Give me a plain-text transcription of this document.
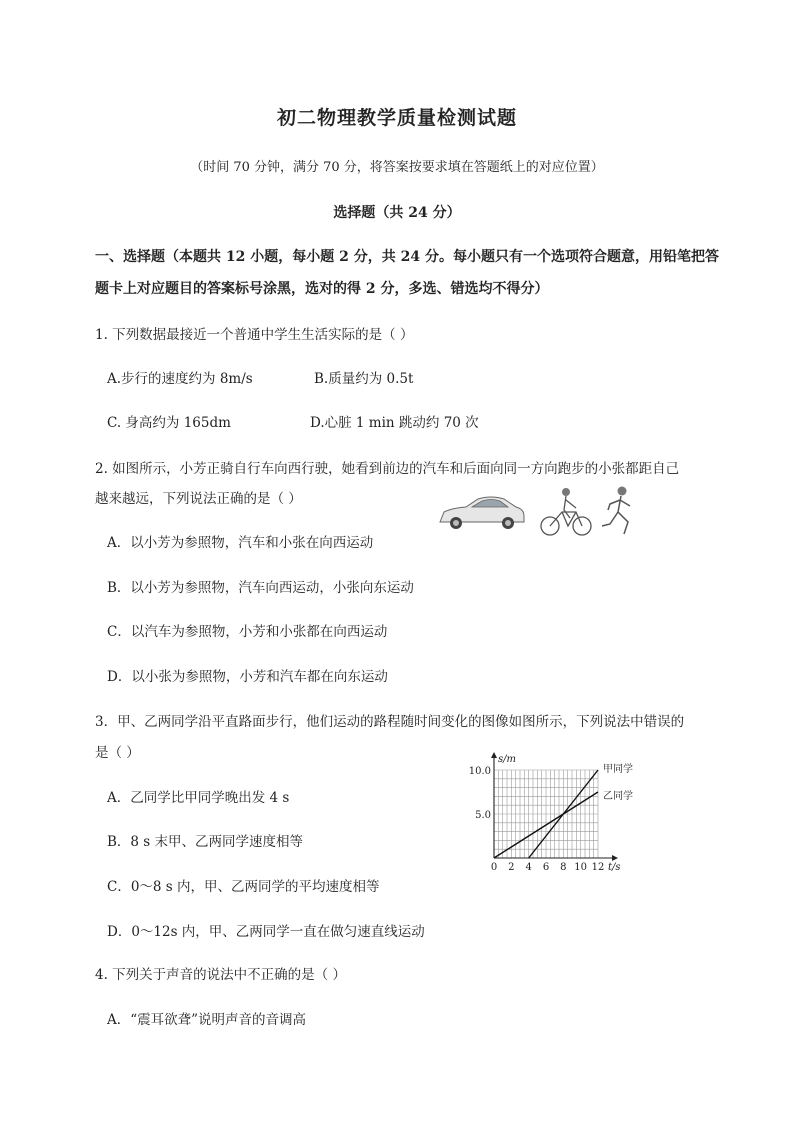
初二物理教学质量检测试题
（时间 70 分钟，满分 70 分，将答案按要求填在答题纸上的对应位置）
选择题（共 24 分）
一、选择题（本题共 12 小题，每小题 2 分，共 24 分。每小题只有一个选项符合题意，用铅笔把答
题卡上对应题目的答案标号涂黑，选对的得 2 分，多选、错选均不得分）
1. 下列数据最接近一个普通中学生生活实际的是（ ）
A.步行的速度约为 8m/s	B.质量约为 0.5t
C. 身高约为 165dm	D.心脏 1 min 跳动约 70 次
2. 如图所示，小芳正骑自行车向西行驶，她看到前边的汽车和后面向同一方向跑步的小张都距自己
越来越远，下列说法正确的是（ ）
A．以小芳为参照物，汽车和小张在向西运动
B．以小芳为参照物，汽车向西运动，小张向东运动
C．以汽车为参照物，小芳和小张都在向西运动
D．以小张为参照物，小芳和汽车都在向东运动
3．甲、乙两同学沿平直路面步行，他们运动的路程随时间变化的图像如图所示，下列说法中错误的
是（ ）
A．乙同学比甲同学晚出发 4 s
B．8 s 末甲、乙两同学速度相等
C．0～8 s 内，甲、乙两同学的平均速度相等
D．0～12s 内，甲、乙两同学一直在做匀速直线运动
0 2 4 6 8 10 12
5.0
10.0
t/s
s/m
甲同学
乙同学
4. 下列关于声音的说法中不正确的是（ ）
A．“震耳欲聋”说明声音的音调高
